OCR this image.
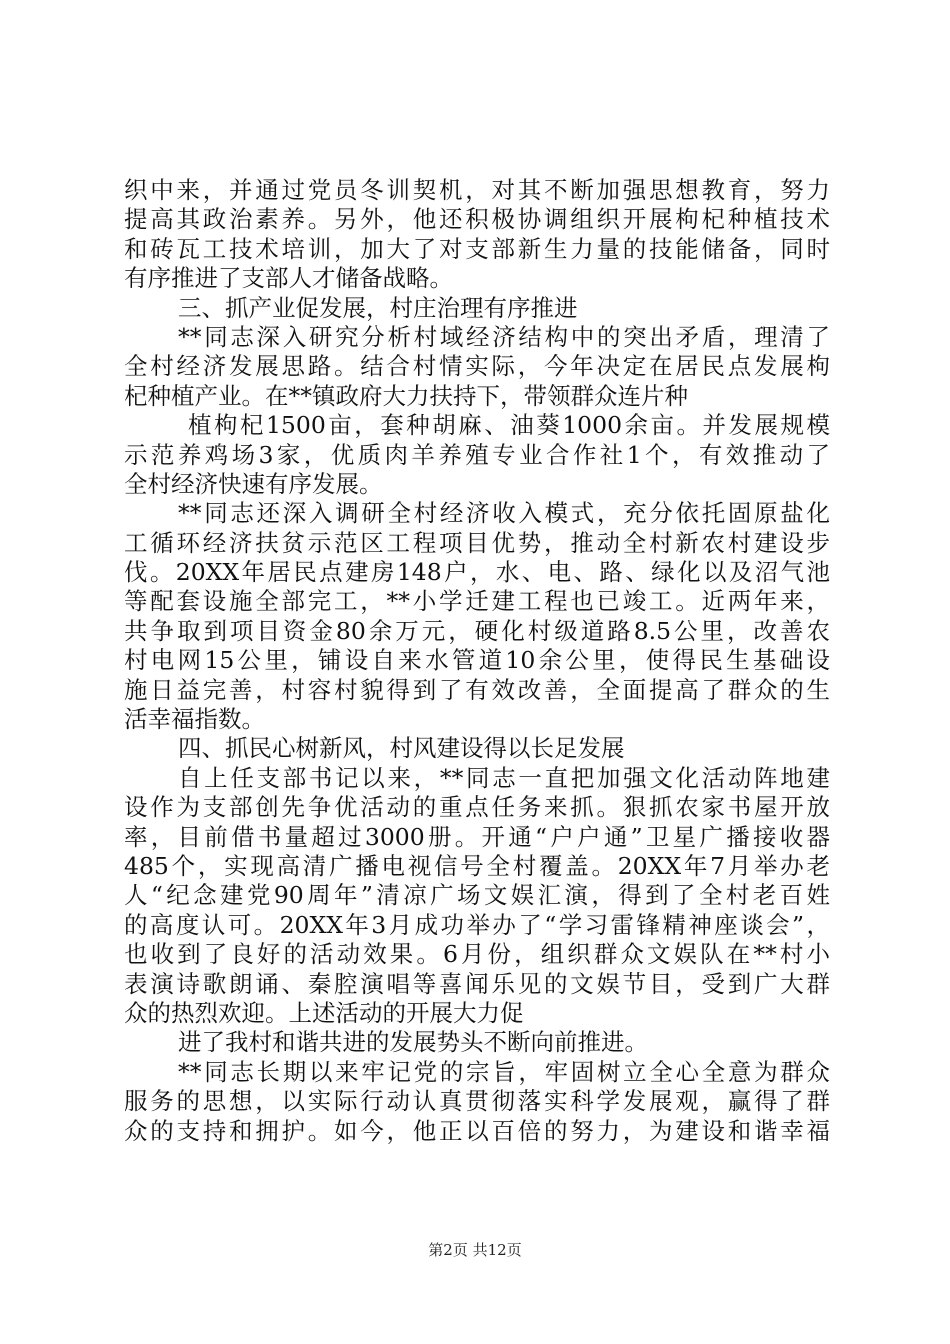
织中来，并通过党员冬训契机，对其不断加强思想教育，努力
提高其政治素养。另外，他还积极协调组织开展枸杞种植技术
和砖瓦工技术培训，加大了对支部新生力量的技能储备，同时
有序推进了支部人才储备战略。
三、抓产业促发展，村庄治理有序推进
**同志深入研究分析村域经济结构中的突出矛盾，理清了
全村经济发展思路。结合村情实际，今年决定在居民点发展枸
杞种植产业。在**镇政府大力扶持下，带领群众连片种
植枸杞1500亩，套种胡麻、油葵1000余亩。并发展规模
示范养鸡场3家，优质肉羊养殖专业合作社1个，有效推动了
全村经济快速有序发展。
**同志还深入调研全村经济收入模式，充分依托固原盐化
工循环经济扶贫示范区工程项目优势，推动全村新农村建设步
伐。20XX年居民点建房148户，水、电、路、绿化以及沼气池
等配套设施全部完工，**小学迁建工程也已竣工。近两年来，
共争取到项目资金80余万元，硬化村级道路8.5公里，改善农
村电网15公里，铺设自来水管道10余公里，使得民生基础设
施日益完善，村容村貌得到了有效改善，全面提高了群众的生
活幸福指数。
四、抓民心树新风，村风建设得以长足发展
自上任支部书记以来，**同志一直把加强文化活动阵地建
设作为支部创先争优活动的重点任务来抓。狠抓农家书屋开放
率，目前借书量超过3000册。开通“户户通”卫星广播接收器
485个，实现高清广播电视信号全村覆盖。20XX年7月举办老
人“纪念建党90周年”清凉广场文娱汇演，得到了全村老百姓
的高度认可。20XX年3月成功举办了“学习雷锋精神座谈会”，
也收到了良好的活动效果。6月份，组织群众文娱队在**村小
表演诗歌朗诵、秦腔演唱等喜闻乐见的文娱节目，受到广大群
众的热烈欢迎。上述活动的开展大力促
进了我村和谐共进的发展势头不断向前推进。
**同志长期以来牢记党的宗旨，牢固树立全心全意为群众
服务的思想，以实际行动认真贯彻落实科学发展观，赢得了群
众的支持和拥护。如今，他正以百倍的努力，为建设和谐幸福
第2页 共12页
